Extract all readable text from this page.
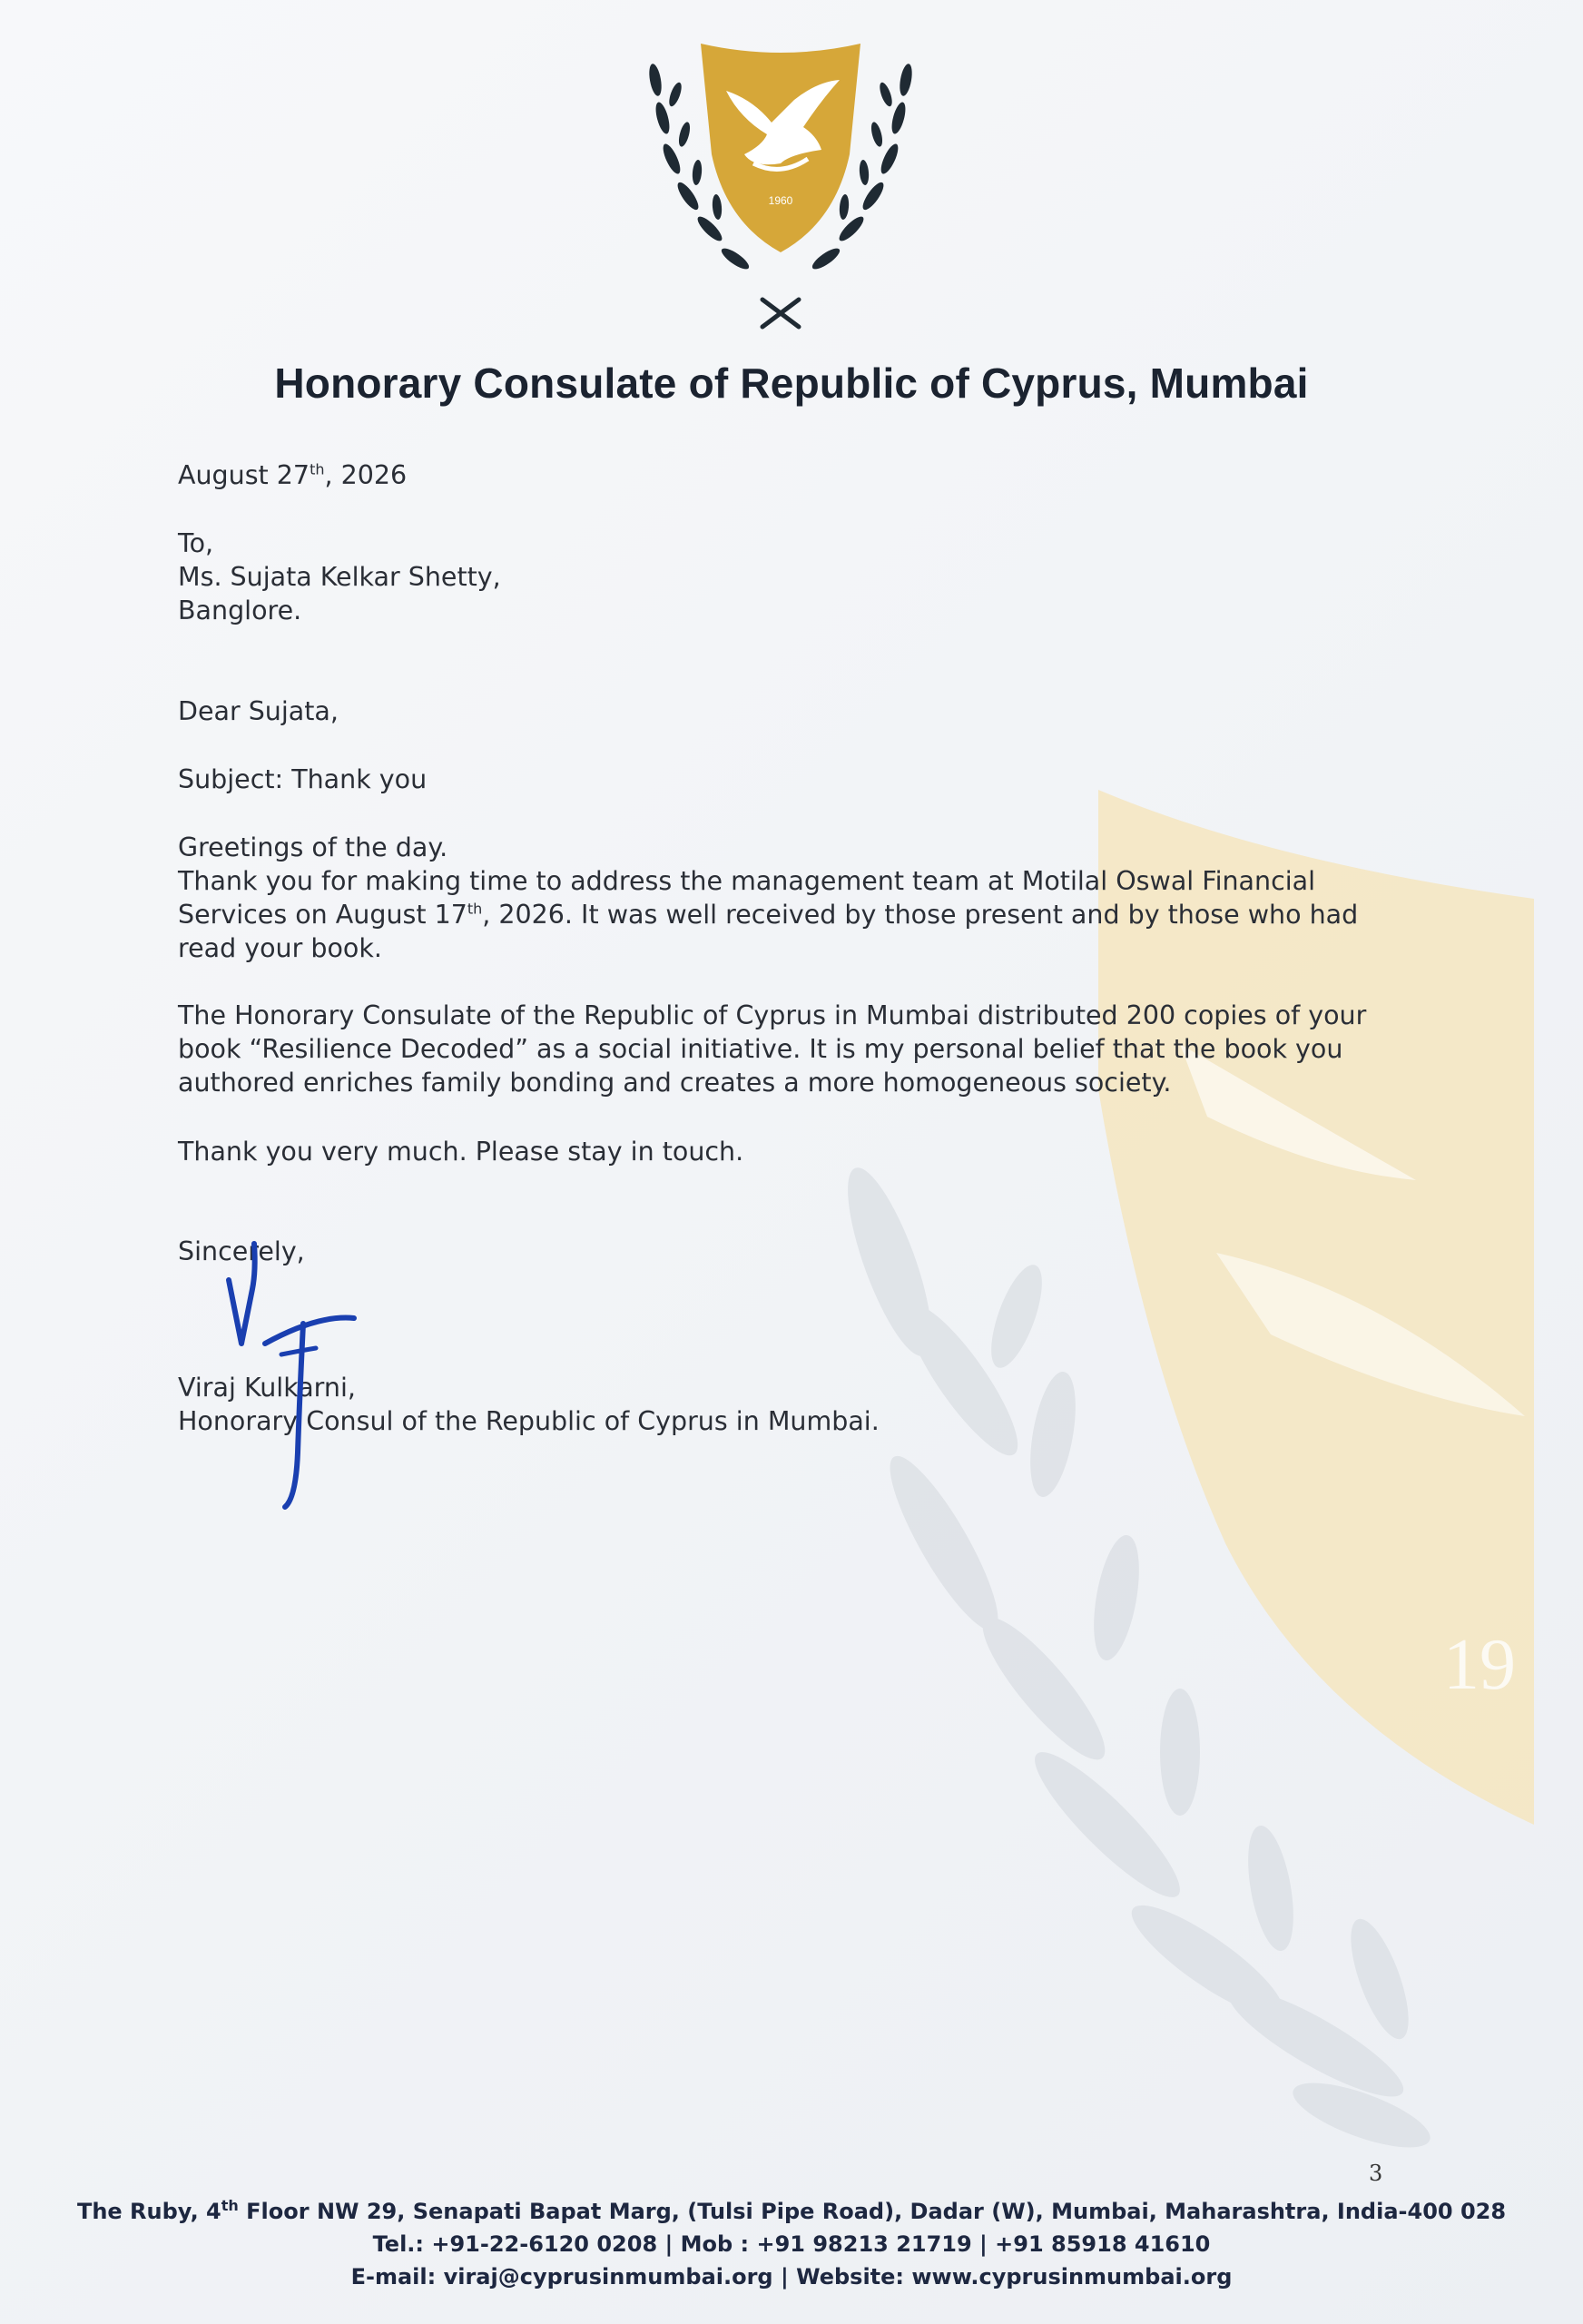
19
1960
Honorary Consulate of Republic of Cyprus, Mumbai
August 27th, 2026
To,
Ms. Sujata Kelkar Shetty,
Banglore.
Dear Sujata,
Subject: Thank you
Greetings of the day.
Thank you for making time to address the management team at Motilal Oswal Financial
Services on August 17th, 2026. It was well received by those present and by those who had
read your book.
The Honorary Consulate of the Republic of Cyprus in Mumbai distributed 200 copies of your
book “Resilience Decoded” as a social initiative. It is my personal belief that the book you
authored enriches family bonding and creates a more homogeneous society.
Thank you very much. Please stay in touch.
Sincerely,
Viraj Kulkarni,
Honorary Consul of the Republic of Cyprus in Mumbai.
3
The Ruby, 4th Floor NW 29, Senapati Bapat Marg, (Tulsi Pipe Road), Dadar (W), Mumbai, Maharashtra, India-400 028
Tel.: +91-22-6120 0208 | Mob : +91 98213 21719 | +91 85918 41610
E-mail: viraj@cyprusinmumbai.org | Website: www.cyprusinmumbai.org
